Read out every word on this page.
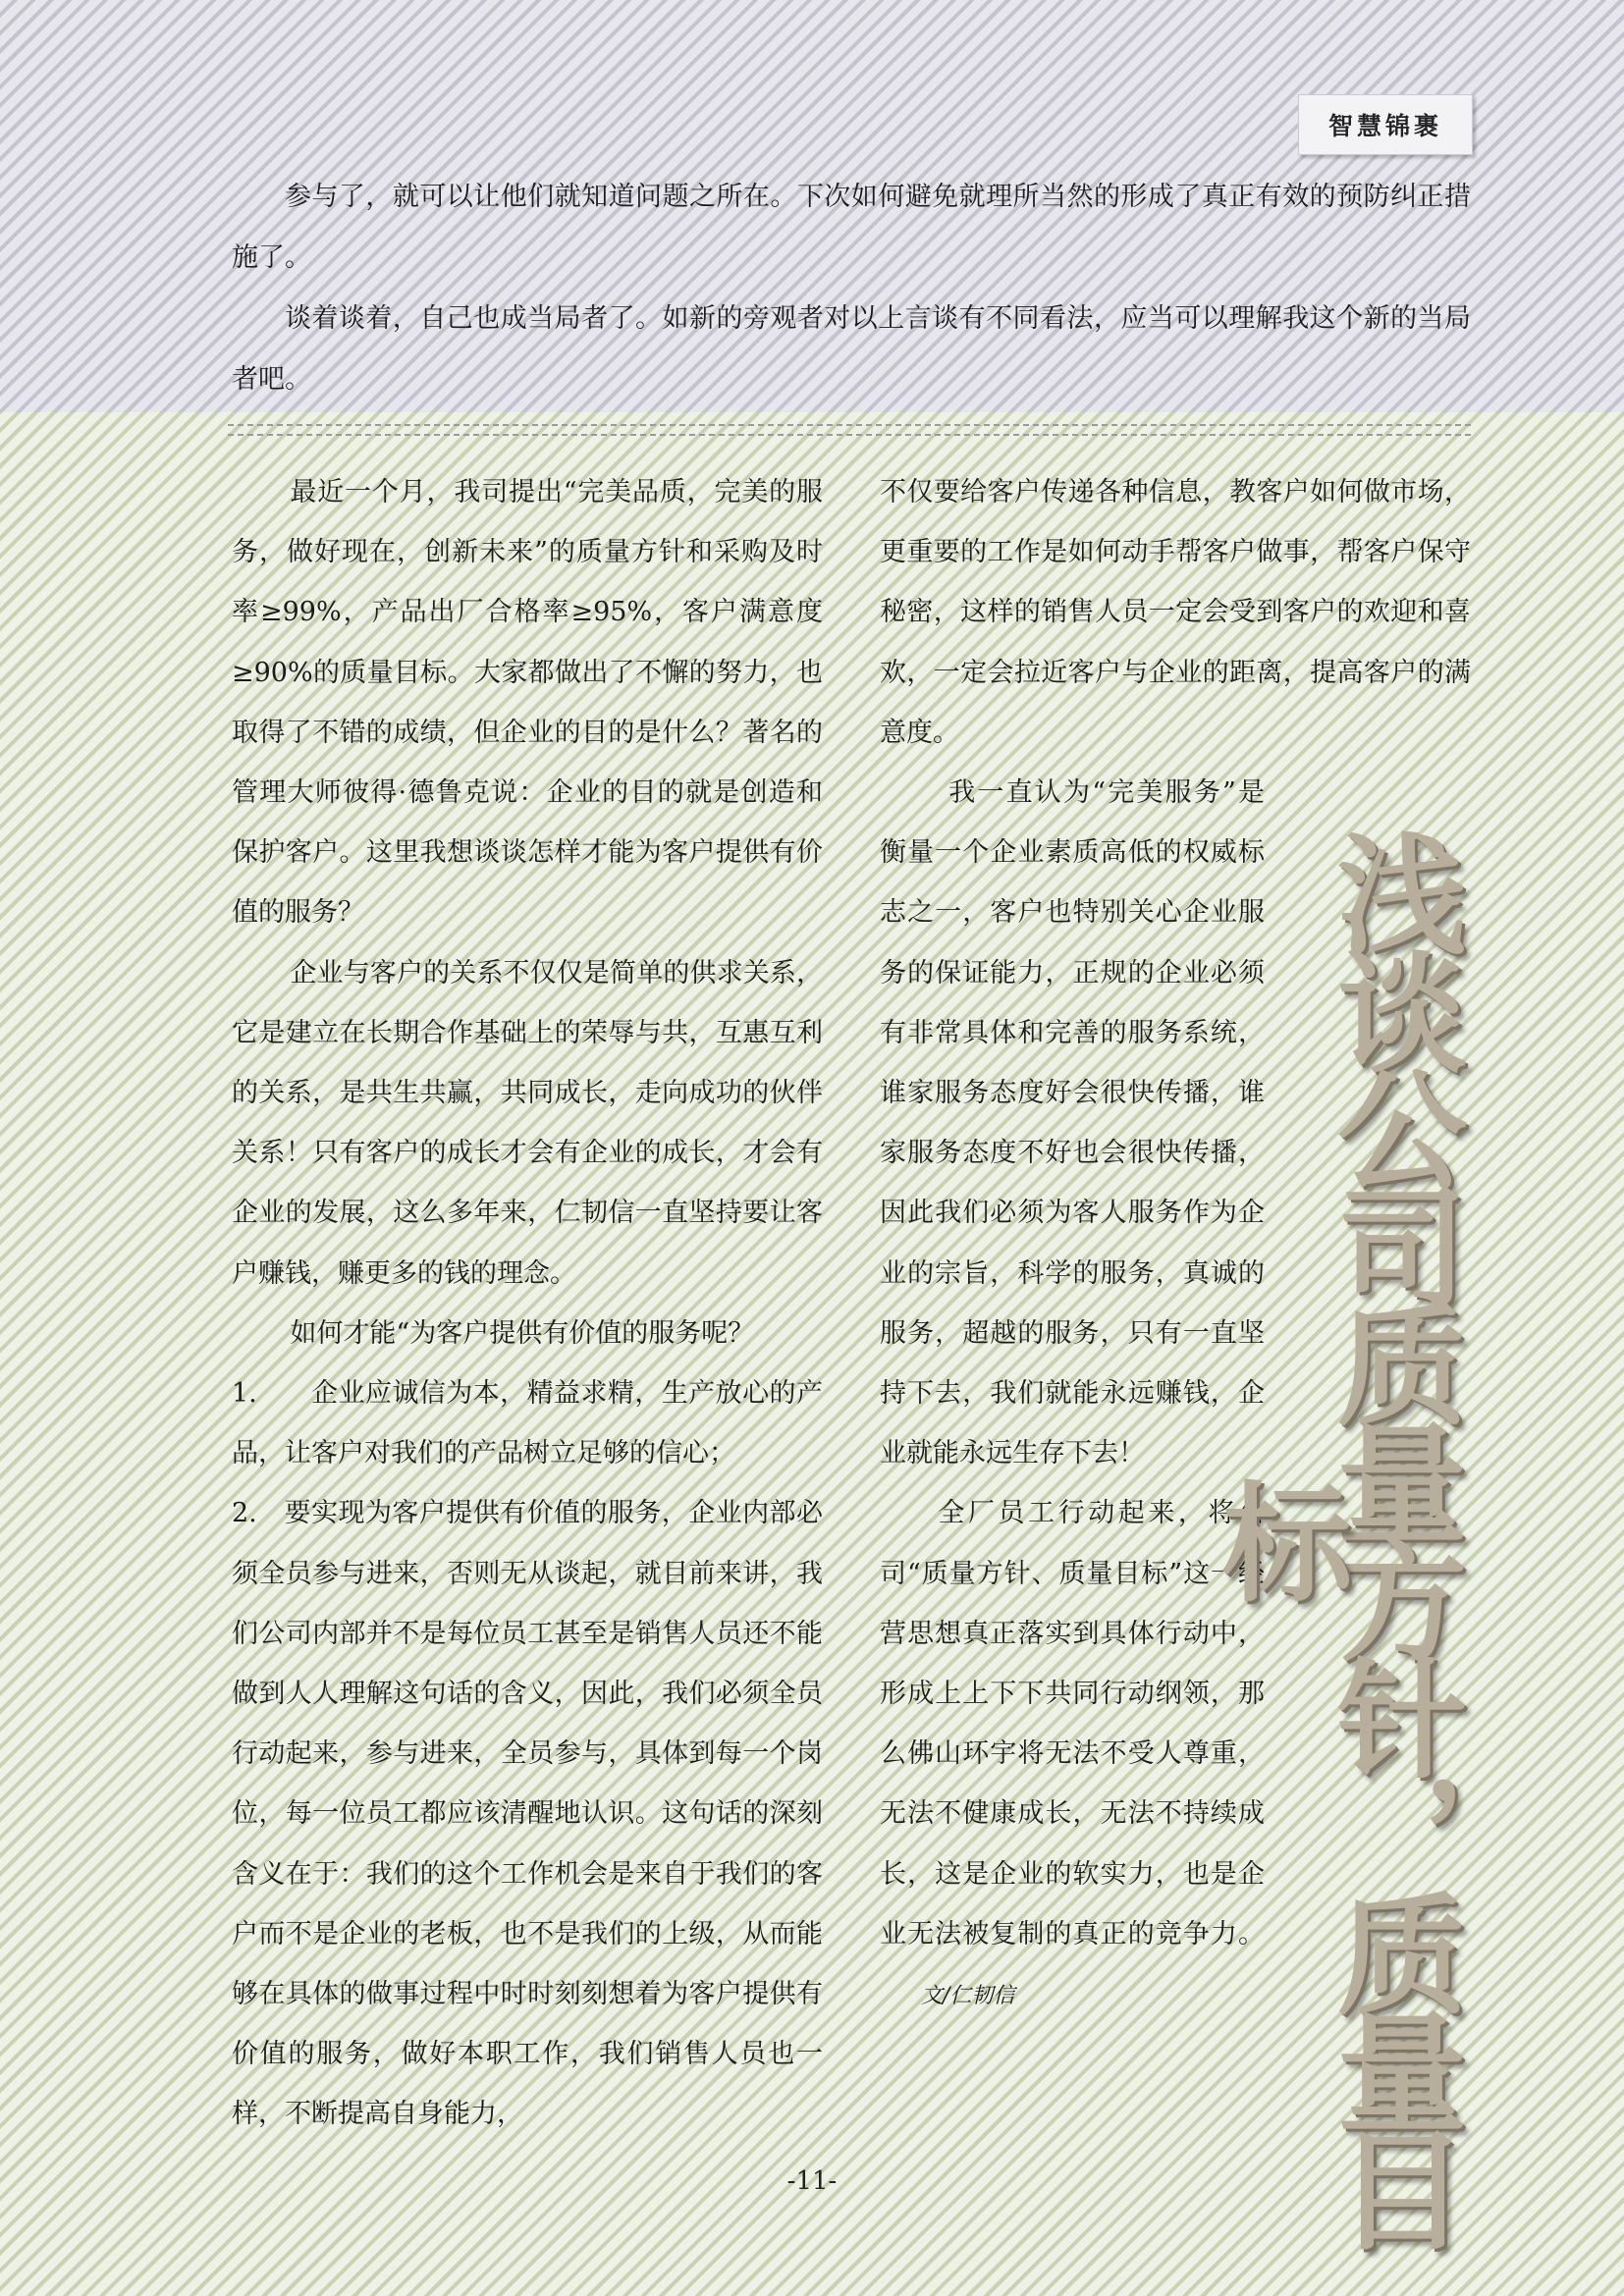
智慧锦裹

参与了，就可以让他们就知道问题之所在。下次如何避免就理所当然的形成了真正有效的预防纠正措施了。

谈着谈着，自己也成当局者了。如新的旁观者对以上言谈有不同看法，应当可以理解我这个新的当局者吧。

最近一个月，我司提出“完美品质，完美的服务，做好现在，创新未来”的质量方针和采购及时率≥99%，产品出厂合格率≥95%，客户满意度≥90%的质量目标。大家都做出了不懈的努力，也取得了不错的成绩，但企业的目的是什么？著名的管理大师彼得·德鲁克说：企业的目的就是创造和保护客户。这里我想谈谈怎样才能为客户提供有价值的服务？

企业与客户的关系不仅仅是简单的供求关系，它是建立在长期合作基础上的荣辱与共，互惠互利的关系，是共生共赢，共同成长，走向成功的伙伴关系！只有客户的成长才会有企业的成长，才会有企业的发展，这么多年来，仁韧信一直坚持要让客户赚钱，赚更多的钱的理念。

如何才能“为客户提供有价值的服务呢？

1.　　企业应诚信为本，精益求精，生产放心的产品，让客户对我们的产品树立足够的信心；

2.　要实现为客户提供有价值的服务，企业内部必须全员参与进来，否则无从谈起，就目前来讲，我们公司内部并不是每位员工甚至是销售人员还不能做到人人理解这句话的含义，因此，我们必须全员行动起来，参与进来，全员参与，具体到每一个岗位，每一位员工都应该清醒地认识。这句话的深刻含义在于：我们的这个工作机会是来自于我们的客户而不是企业的老板，也不是我们的上级，从而能够在具体的做事过程中时时刻刻想着为客户提供有价值的服务，做好本职工作，我们销售人员也一样，不断提高自身能力，

不仅要给客户传递各种信息，教客户如何做市场，更重要的工作是如何动手帮客户做事，帮客户保守秘密，这样的销售人员一定会受到客户的欢迎和喜欢，一定会拉近客户与企业的距离，提高客户的满意度。

我一直认为“完美服务”是衡量一个企业素质高低的权威标志之一，客户也特别关心企业服务的保证能力，正规的企业必须有非常具体和完善的服务系统，谁家服务态度好会很快传播，谁家服务态度不好也会很快传播，因此我们必须为客人服务作为企业的宗旨，科学的服务，真诚的服务，超越的服务，只有一直坚持下去，我们就能永远赚钱，企业就能永远生存下去！

全厂员工行动起来，将公司“质量方针、质量目标”这一经营思想真正落实到具体行动中，形成上上下下共同行动纲领，那么佛山环宇将无法不受人尊重，无法不健康成长，无法不持续成长，这是企业的软实力，也是企业无法被复制的真正的竞争力。文/仁韧信	浅谈公司质量方针，质量目标
-11-
